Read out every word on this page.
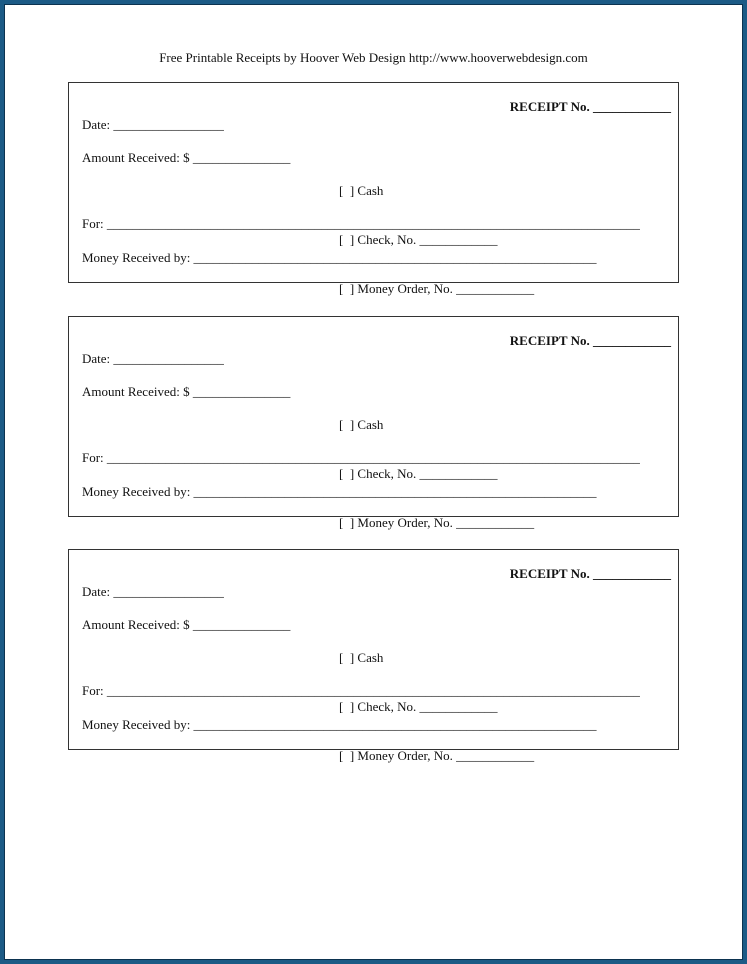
Free Printable Receipts by Hoover Web Design http://www.hooverwebdesign.com
RECEIPT No. ____________
Date: _________________
Amount Received: $ _______________

[  ] Cash

[  ] Check, No. ____________

[  ] Money Order, No. ____________

For: __________________________________________________________________________________
Money Received by: ______________________________________________________________
RECEIPT No. ____________
Date: _________________
Amount Received: $ _______________

[  ] Cash

[  ] Check, No. ____________

[  ] Money Order, No. ____________

For: __________________________________________________________________________________
Money Received by: ______________________________________________________________
RECEIPT No. ____________
Date: _________________
Amount Received: $ _______________

[  ] Cash

[  ] Check, No. ____________

[  ] Money Order, No. ____________

For: __________________________________________________________________________________
Money Received by: ______________________________________________________________
